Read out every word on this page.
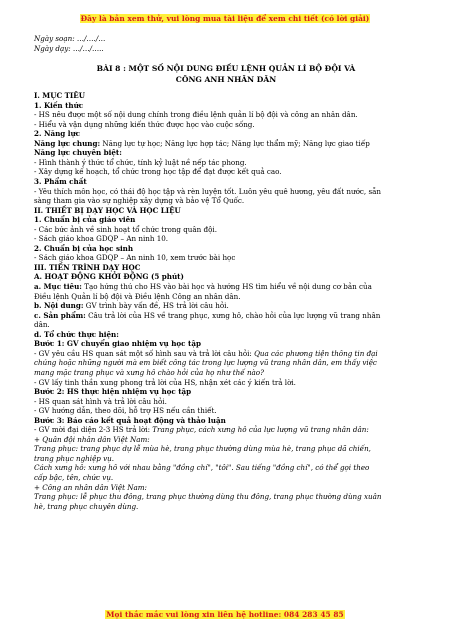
Đây là bản xem thử, vui lòng mua tài liệu để xem chi tiết (có lời giải)

Ngày soạn: …/…./…

Ngày dạy: …/…/…..

BÀI 8 : MỘT SỐ NỘI DUNG ĐIỀU LỆNH QUẢN LÍ BỘ ĐỘI VÀ

CÔNG ANH NHÂN DÂN

I. MỤC TIÊU

1. Kiến thức

- HS nêu được một số nội dung chính trong điều lệnh quản lí bộ đội và công an nhân dân.

- Hiểu và vận dụng những kiến thức được học vào cuộc sống.

2. Năng lực

Năng lực chung: Năng lực tự học; Năng lực hợp tác; Năng lực thẩm mỹ; Năng lực giao tiếp

Năng lực chuyên biệt:

- Hình thành ý thức tổ chức, tính kỷ luật nề nếp tác phong.

- Xây dựng kế hoạch, tổ chức trong học tập để đạt được kết quả cao.

3. Phẩm chất

- Yêu thích môn học, có thái độ học tập và rèn luyện tốt. Luôn yêu quê hương, yêu đất nước, sẵn

sàng tham gia vào sự nghiệp xây dựng và bảo vệ Tổ Quốc.

II. THIẾT BỊ DẠY HỌC VÀ HỌC LIỆU

1. Chuẩn bị của giáo viên

- Các bức ảnh về sinh hoạt tổ chức trong quân đội.

- Sách giáo khoa GDQP – An ninh 10.

2. Chuẩn bị của học sinh

- Sách giáo khoa GDQP – An ninh 10, xem trước bài học

III. TIẾN TRÌNH DẠY HỌC

A. HOẠT ĐỘNG KHỞI ĐỘNG (5 phút)

a. Mục tiêu: Tạo hứng thú cho HS vào bài học và hướng HS tìm hiểu về nội dung cơ bản của

Điều lệnh Quản lí bộ đội và Điều lệnh Công an nhân dân.

b. Nội dung: GV trình bày vấn đề, HS trả lời câu hỏi.

c. Sản phẩm: Câu trả lời của HS về trang phục, xưng hô, chào hỏi của lực lượng vũ trang nhân

dân.

d. Tổ chức thực hiện:

Bước 1: GV chuyển giao nhiệm vụ học tập

- GV yêu cầu HS quan sát một số hình sau và trả lời câu hỏi: Qua các phương tiện thông tin đại

chúng hoặc những người mà em biết công tác trong lực lượng vũ trang nhân dân, em thấy việc

mang mặc trang phục và xưng hô chào hỏi của họ như thế nào?

- GV lấy tinh thần xung phong trả lời của HS, nhận xét các ý kiến trả lời.

Bước 2: HS thực hiện nhiệm vụ học tập

- HS quan sát hình và trả lời câu hỏi.

- GV hướng dẫn, theo dõi, hỗ trợ HS nếu cần thiết.

Bước 3: Báo cáo kết quả hoạt động và thảo luận

- GV mời đại diện 2-3 HS trả lời: Trang phục, cách xưng hô của lực lượng vũ trang nhân dân:

+ Quân đội nhân dân Việt Nam:

Trang phục: trang phục dự lễ mùa hè, trang phục thường dùng mùa hè, trang phục dã chiến,

trang phục nghiệp vụ.

Cách xưng hô: xưng hô với nhau bằng "đồng chí", "tôi". Sau tiếng "đồng chí", có thể gọi theo

cấp bậc, tên, chức vụ.

+ Công an nhân dân Việt Nam:

Trang phục: lễ phục thu đông, trang phục thường dùng thu đông, trang phục thường dùng xuân

hè, trang phục chuyên dùng.

Mọi thắc mắc vui lòng xin liên hệ hotline: 084 283 45 85
